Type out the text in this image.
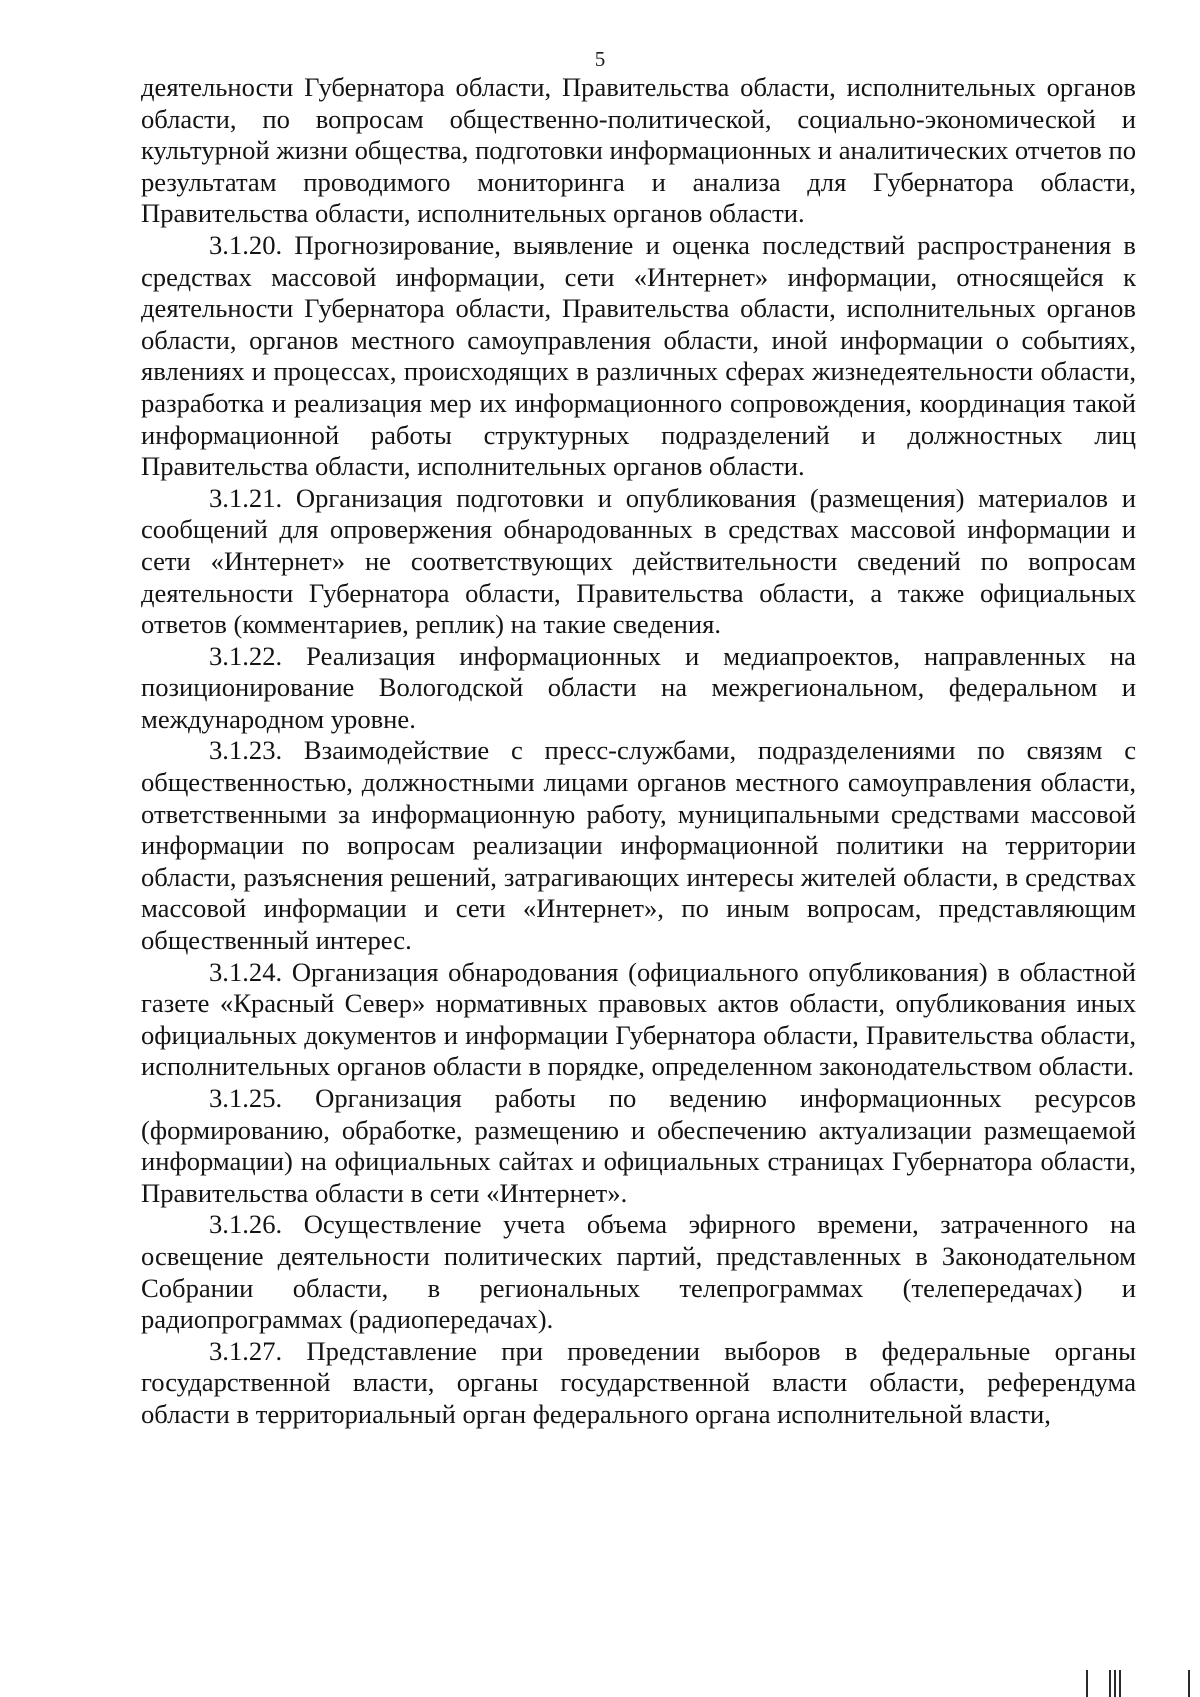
5

деятельности Губернатора области, Правительства области, исполнительных органов области, по вопросам общественно-политической, социально-экономической и культурной жизни общества, подготовки информационных и аналитических отчетов по результатам проводимого мониторинга и анализа для Губернатора области, Правительства области, исполнительных органов области.

3.1.20. Прогнозирование, выявление и оценка последствий распространения в средствах массовой информации, сети «Интернет» информации, относящейся к деятельности Губернатора области, Правительства области, исполнительных органов области, органов местного самоуправления области, иной информации о событиях, явлениях и процессах, происходящих в различных сферах жизнедеятельности области, разработка и реализация мер их информационного сопровождения, координация такой информационной работы структурных подразделений и должностных лиц Правительства области, исполнительных органов области.

3.1.21. Организация подготовки и опубликования (размещения) материалов и сообщений для опровержения обнародованных в средствах массовой информации и сети «Интернет» не соответствующих действительности сведений по вопросам деятельности Губернатора области, Правительства области, а также официальных ответов (комментариев, реплик) на такие сведения.

3.1.22. Реализация информационных и медиапроектов, направленных на позиционирование Вологодской области на межрегиональном, федеральном и международном уровне.

3.1.23. Взаимодействие с пресс-службами, подразделениями по связям с общественностью, должностными лицами органов местного самоуправления области, ответственными за информационную работу, муниципальными средствами массовой информации по вопросам реализации информационной политики на территории области, разъяснения решений, затрагивающих интересы жителей области, в средствах массовой информации и сети «Интернет», по иным вопросам, представляющим общественный интерес.

3.1.24. Организация обнародования (официального опубликования) в областной газете «Красный Север» нормативных правовых актов области, опубликования иных официальных документов и информации Губернатора области, Правительства области, исполнительных органов области в порядке, определенном законодательством области.

3.1.25. Организация работы по ведению информационных ресурсов (формированию, обработке, размещению и обеспечению актуализации размещаемой информации) на официальных сайтах и официальных страницах Губернатора области, Правительства области в сети «Интернет».

3.1.26. Осуществление учета объема эфирного времени, затраченного на освещение деятельности политических партий, представленных в Законодательном Собрании области, в региональных телепрограммах (телепередачах) и радиопрограммах (радиопередачах).

3.1.27. Представление при проведении выборов в федеральные органы государственной власти, органы государственной власти области, референдума области в территориальный орган федерального органа исполнительной власти,
